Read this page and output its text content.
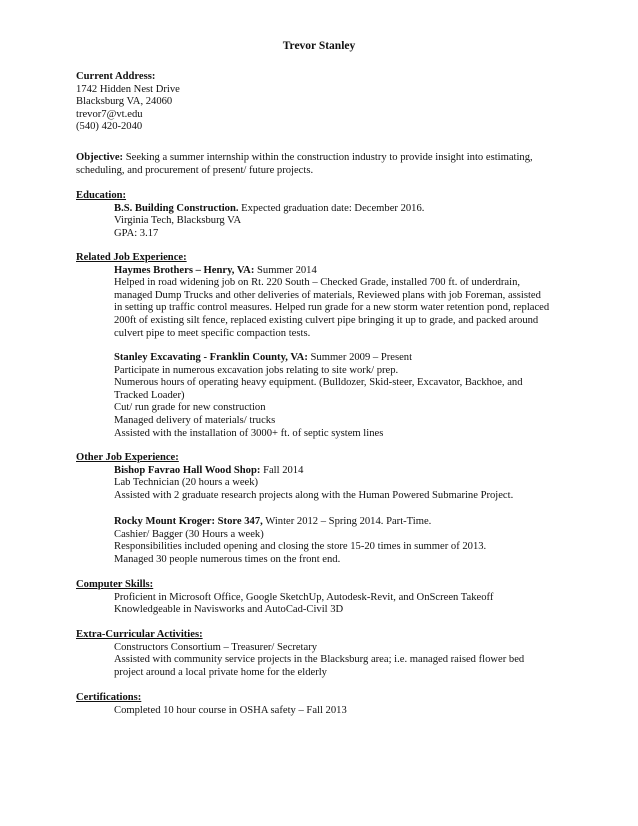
Trevor Stanley
Current Address:
1742 Hidden Nest Drive
Blacksburg VA, 24060
trevor7@vt.edu
(540) 420-2040
Objective: Seeking a summer internship within the construction industry to provide insight into estimating,
scheduling, and procurement of present/ future projects.
Education:
B.S. Building Construction. Expected graduation date: December 2016.
Virginia Tech, Blacksburg VA
GPA: 3.17
Related Job Experience:
Haymes Brothers – Henry, VA: Summer 2014
Helped in road widening job on Rt. 220 South – Checked Grade, installed 700 ft. of underdrain,
managed Dump Trucks and other deliveries of materials, Reviewed plans with job Foreman, assisted
in setting up traffic control measures. Helped run grade for a new storm water retention pond, replaced
200ft of existing silt fence, replaced existing culvert pipe bringing it up to grade, and packed around
culvert pipe to meet specific compaction tests.
Stanley Excavating - Franklin County, VA: Summer 2009 – Present
Participate in numerous excavation jobs relating to site work/ prep.
Numerous hours of operating heavy equipment. (Bulldozer, Skid-steer, Excavator, Backhoe, and
Tracked Loader)
Cut/ run grade for new construction
Managed delivery of materials/ trucks
Assisted with the installation of 3000+ ft. of septic system lines
Other Job Experience:
Bishop Favrao Hall Wood Shop: Fall 2014
Lab Technician (20 hours a week)
Assisted with 2 graduate research projects along with the Human Powered Submarine Project.
Rocky Mount Kroger: Store 347, Winter 2012 – Spring 2014. Part-Time.
Cashier/ Bagger (30 Hours a week)
Responsibilities included opening and closing the store 15-20 times in summer of 2013.
Managed 30 people numerous times on the front end.
Computer Skills:
Proficient in Microsoft Office, Google SketchUp, Autodesk-Revit, and OnScreen Takeoff
Knowledgeable in Navisworks and AutoCad-Civil 3D
Extra-Curricular Activities:
Constructors Consortium – Treasurer/ Secretary
Assisted with community service projects in the Blacksburg area; i.e. managed raised flower bed
project around a local private home for the elderly
Certifications:
Completed 10 hour course in OSHA safety – Fall 2013
